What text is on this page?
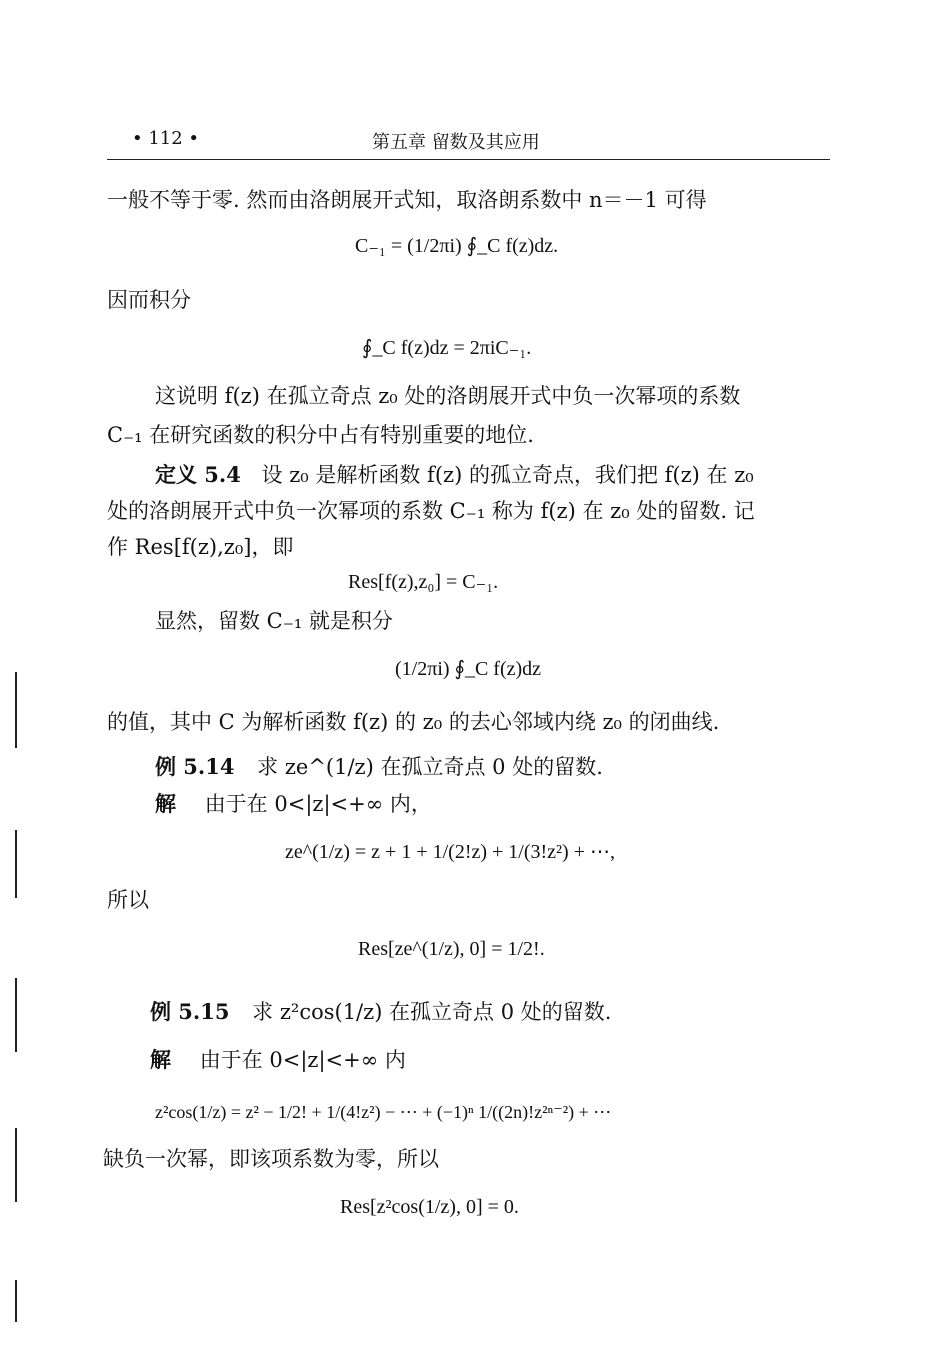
• 112 •	第五章 留数及其应用
一般不等于零. 然而由洛朗展开式知，取洛朗系数中 n＝－1 可得
C₋₁ = (1/2πi) ∮_C f(z)dz.
因而积分
∮_C f(z)dz = 2πiC₋₁.
这说明 f(z) 在孤立奇点 z₀ 处的洛朗展开式中负一次幂项的系数
C₋₁ 在研究函数的积分中占有特别重要的地位.
定义 5.4 设 z₀ 是解析函数 f(z) 的孤立奇点，我们把 f(z) 在 z₀
处的洛朗展开式中负一次幂项的系数 C₋₁ 称为 f(z) 在 z₀ 处的留数. 记
作 Res[f(z),z₀]，即
Res[f(z),z₀] = C₋₁.
显然，留数 C₋₁ 就是积分
(1/2πi) ∮_C f(z)dz
的值，其中 C 为解析函数 f(z) 的 z₀ 的去心邻域内绕 z₀ 的闭曲线.
例 5.14 求 ze^(1/z) 在孤立奇点 0 处的留数.
解 由于在 0<|z|<+∞ 内，
ze^(1/z) = z + 1 + 1/(2!z) + 1/(3!z²) + ⋯,
所以
Res[ze^(1/z), 0] = 1/2!.
例 5.15 求 z²cos(1/z) 在孤立奇点 0 处的留数.
解 由于在 0<|z|<+∞ 内
z²cos(1/z) = z² − 1/2! + 1/(4!z²) − ⋯ + (−1)ⁿ 1/((2n)!z²ⁿ⁻²) + ⋯
缺负一次幂，即该项系数为零，所以
Res[z²cos(1/z), 0] = 0.
